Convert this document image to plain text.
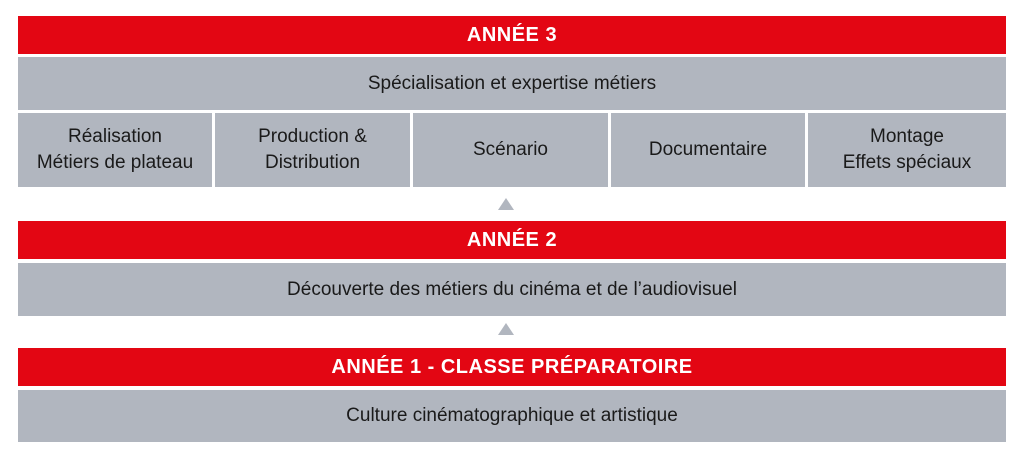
ANNÉE 3
Spécialisation et expertise métiers
Réalisation
Métiers de plateau
Production &
Distribution
Scénario	Documentaire
Montage
Effets spéciaux
ANNÉE 2
Découverte des métiers du cinéma et de l’audiovisuel
ANNÉE 1 - CLASSE PRÉPARATOIRE
Culture cinématographique et artistique
